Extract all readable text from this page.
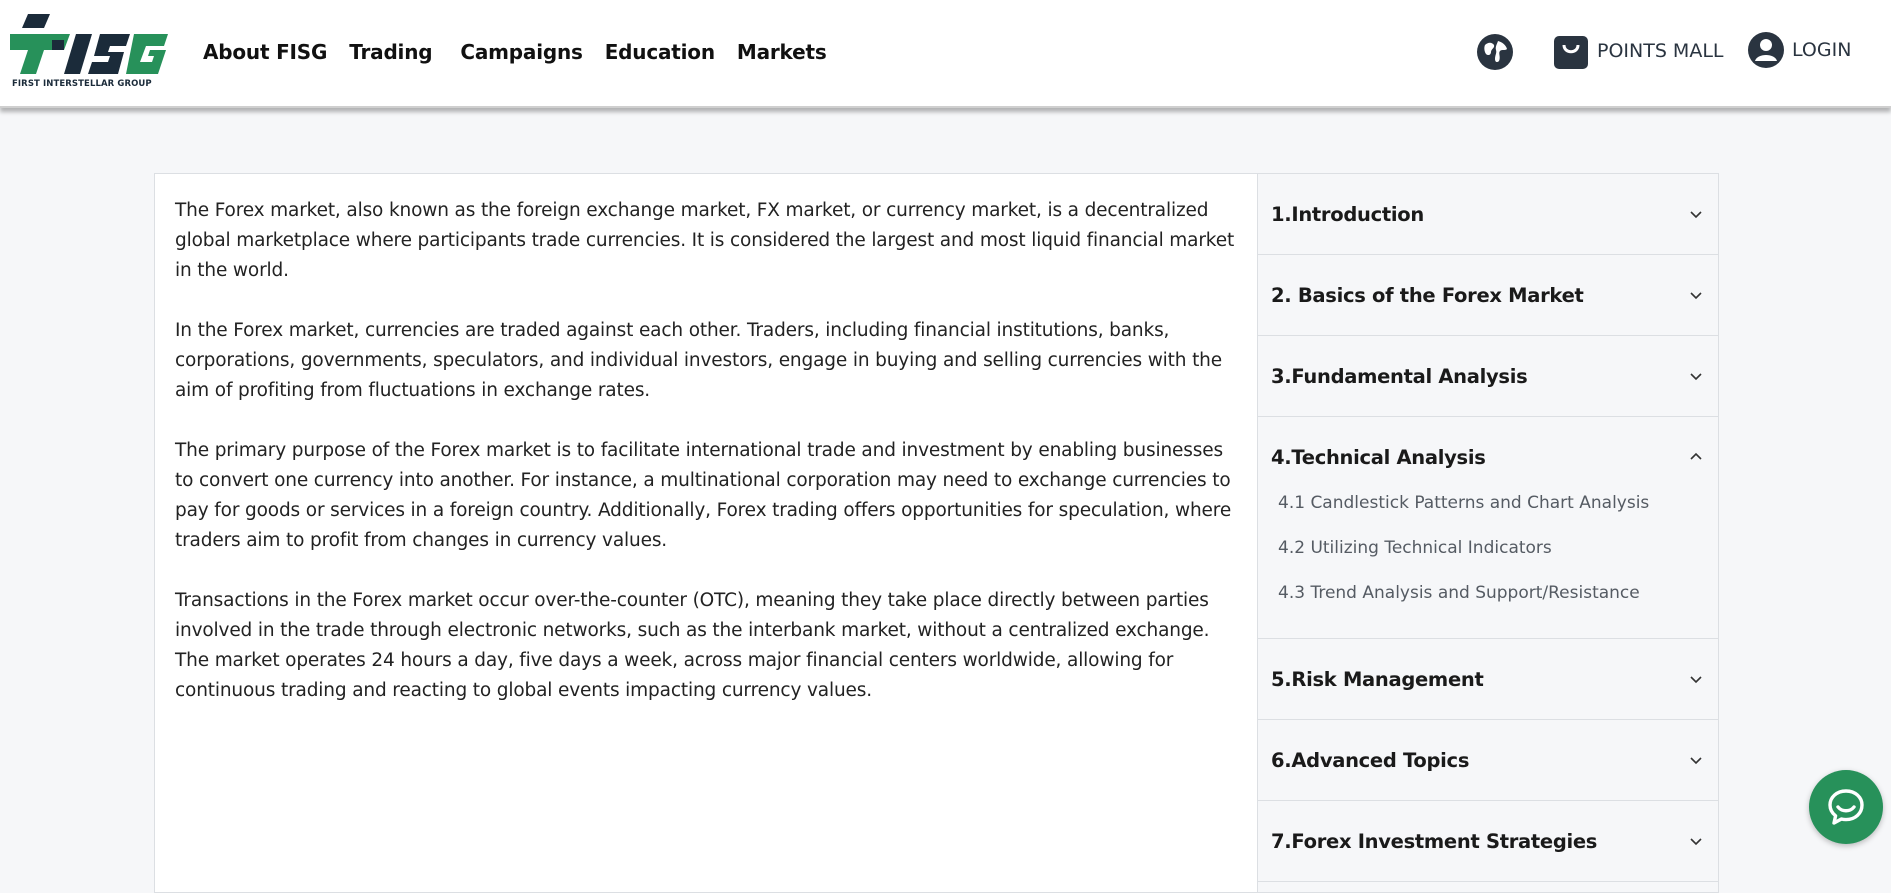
FIRST INTERSTELLAR GROUP
About FISG Trading Campaigns Education Markets	POINTS MALL	LOGIN

The Forex market, also known as the foreign exchange market, FX market, or currency market, is a decentralized global marketplace where participants trade currencies. It is considered the largest and most liquid financial market in the world.

In the Forex market, currencies are traded against each other. Traders, including financial institutions, banks, corporations, governments, speculators, and individual investors, engage in buying and selling currencies with the aim of profiting from fluctuations in exchange rates.

The primary purpose of the Forex market is to facilitate international trade and investment by enabling businesses to convert one currency into another. For instance, a multinational corporation may need to exchange currencies to pay for goods or services in a foreign country. Additionally, Forex trading offers opportunities for speculation, where traders aim to profit from changes in currency values.

Transactions in the Forex market occur over-the-counter (OTC), meaning they take place directly between parties involved in the trade through electronic networks, such as the interbank market, without a centralized exchange. The market operates 24 hours a day, five days a week, across major financial centers worldwide, allowing for continuous trading and reacting to global events impacting currency values.

1.Introduction
2. Basics of the Forex Market
3.Fundamental Analysis
4.Technical Analysis
4.1 Candlestick Patterns and Chart Analysis
4.2 Utilizing Technical Indicators
4.3 Trend Analysis and Support/Resistance
5.Risk Management
6.Advanced Topics
7.Forex Investment Strategies
